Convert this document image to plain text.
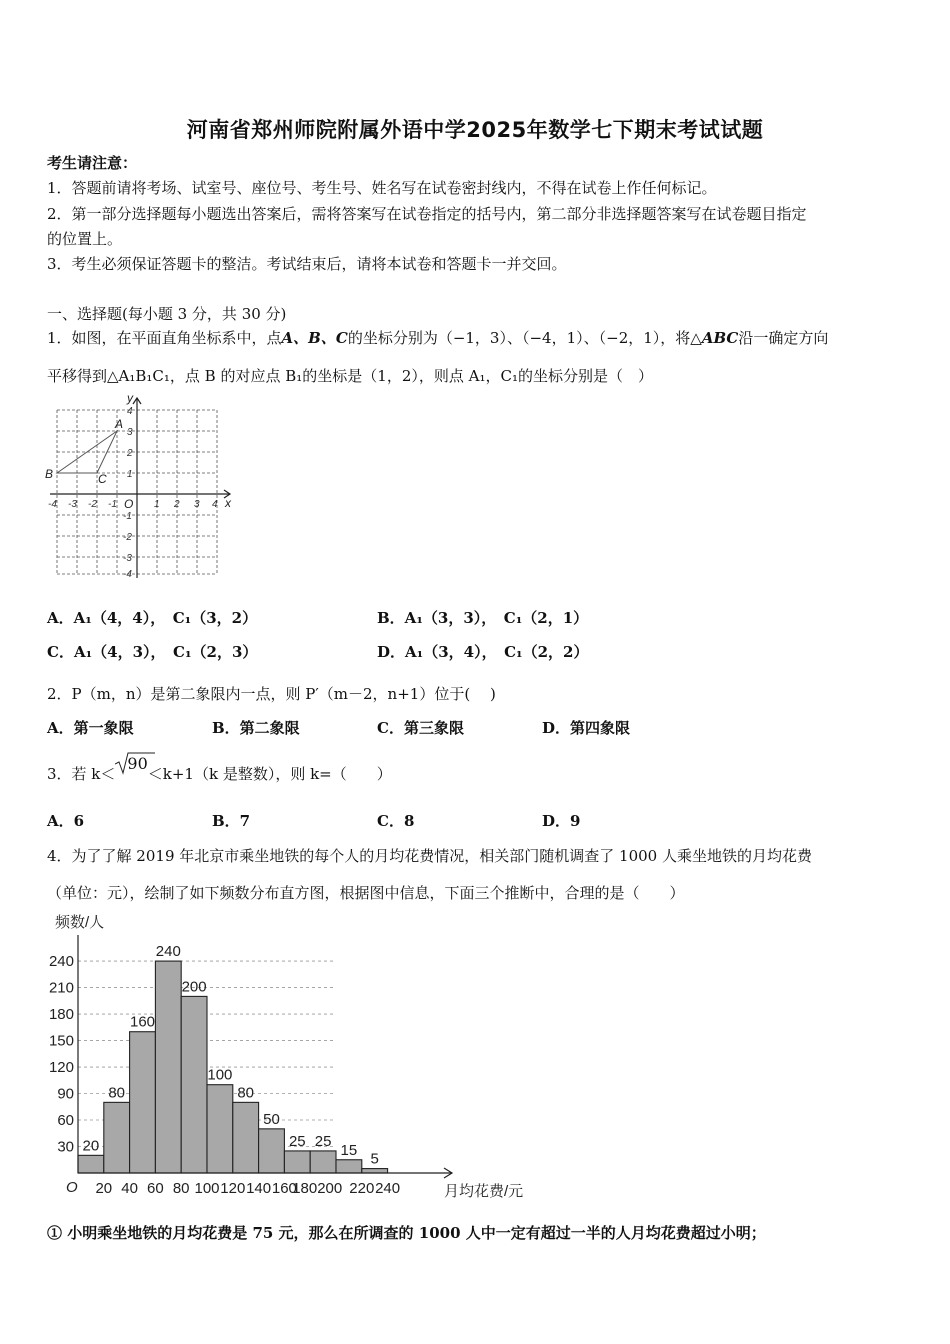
河南省郑州师院附属外语中学2025年数学七下期末考试试题
考生请注意：
1．答题前请将考场、试室号、座位号、考生号、姓名写在试卷密封线内，不得在试卷上作任何标记。
2．第一部分选择题每小题选出答案后，需将答案写在试卷指定的括号内，第二部分非选择题答案写在试卷题目指定
的位置上。
3．考生必须保证答题卡的整洁。考试结束后，请将本试卷和答题卡一并交回。
一、选择题(每小题 3 分，共 30 分)
1．如图，在平面直角坐标系中，点A、B、C的坐标分别为（−1，3）、（−4，1）、（−2，1），将△ABC沿一确定方向
平移得到△A₁B₁C₁，点 B 的对应点 B₁的坐标是（1，2），则点 A₁，C₁的坐标分别是（　）
-4 -3 -2 -1	1 2 3 4
4
3
2
1
-1
-2
-3
-4
O	x
y
A
B	C
A．A₁（4，4），　C₁（3，2）	B．A₁（3，3），　C₁（2，1）
C．A₁（4，3），　C₁（2，3）	D．A₁（3，4），　C₁（2，2）
2．P（m，n）是第二象限内一点，则 P′（m－2，n+1）位于(　 )
A．第一象限	B．第二象限	C．第三象限	D．第四象限
3．若 k＜
90＜k+1（k 是整数），则 k=（　　）
A．6	B．7	C．8	D．9
4．为了了解 2019 年北京市乘坐地铁的每个人的月均花费情况，相关部门随机调查了 1000 人乘坐地铁的月均花费
（单位：元），绘制了如下频数分布直方图，根据图中信息，下面三个推断中，合理的是（　　）
30
60
90
120
150
180
210
240
20
80
160
240
200
100
80
50
25 25
15
5
20 40 60 80 100 120 140 160
180200 220 240
频数/人
月均花费/元
O
① 小明乘坐地铁的月均花费是 75 元，那么在所调查的 1000 人中一定有超过一半的人月均花费超过小明；
